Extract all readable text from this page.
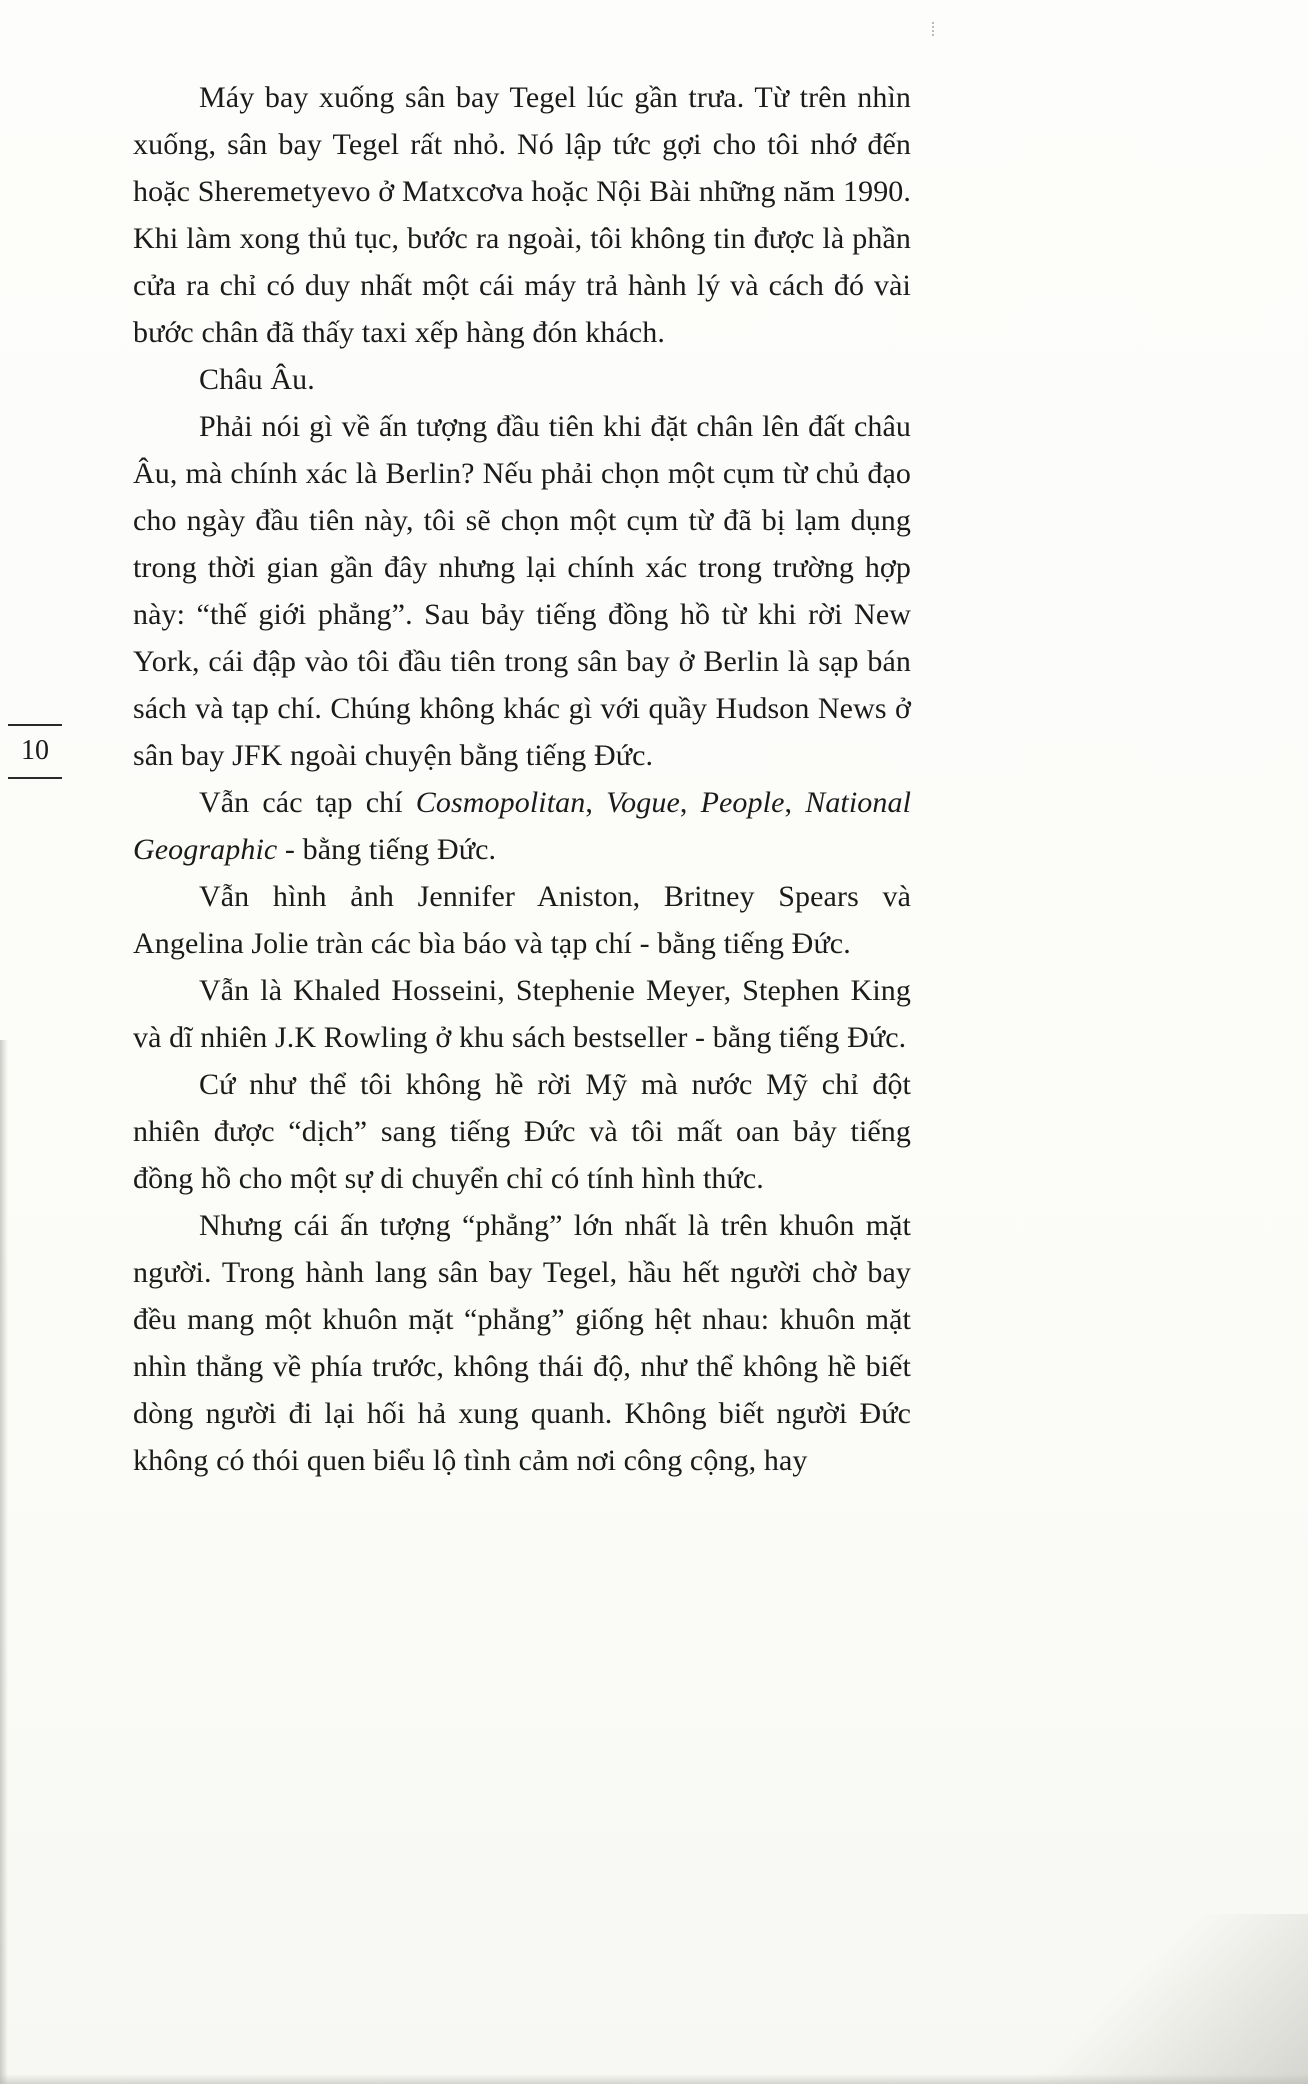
10

Máy bay xuống sân bay Tegel lúc gần trưa. Từ trên nhìn xuống, sân bay Tegel rất nhỏ. Nó lập tức gợi cho tôi nhớ đến hoặc Sheremetyevo ở Matxcơva hoặc Nội Bài những năm 1990. Khi làm xong thủ tục, bước ra ngoài, tôi không tin được là phần cửa ra chỉ có duy nhất một cái máy trả hành lý và cách đó vài bước chân đã thấy taxi xếp hàng đón khách.

Châu Âu.

Phải nói gì về ấn tượng đầu tiên khi đặt chân lên đất châu Âu, mà chính xác là Berlin? Nếu phải chọn một cụm từ chủ đạo cho ngày đầu tiên này, tôi sẽ chọn một cụm từ đã bị lạm dụng trong thời gian gần đây nhưng lại chính xác trong trường hợp này: “thế giới phẳng”. Sau bảy tiếng đồng hồ từ khi rời New York, cái đập vào tôi đầu tiên trong sân bay ở Berlin là sạp bán sách và tạp chí. Chúng không khác gì với quầy Hudson News ở sân bay JFK ngoài chuyện bằng tiếng Đức.

Vẫn các tạp chí Cosmopolitan, Vogue, People, National Geographic - bằng tiếng Đức.

Vẫn hình ảnh Jennifer Aniston, Britney Spears và Angelina Jolie tràn các bìa báo và tạp chí - bằng tiếng Đức.

Vẫn là Khaled Hosseini, Stephenie Meyer, Stephen King và dĩ nhiên J.K Rowling ở khu sách bestseller - bằng tiếng Đức.

Cứ như thể tôi không hề rời Mỹ mà nước Mỹ chỉ đột nhiên được “dịch” sang tiếng Đức và tôi mất oan bảy tiếng đồng hồ cho một sự di chuyển chỉ có tính hình thức.

Nhưng cái ấn tượng “phẳng” lớn nhất là trên khuôn mặt người. Trong hành lang sân bay Tegel, hầu hết người chờ bay đều mang một khuôn mặt “phẳng” giống hệt nhau: khuôn mặt nhìn thẳng về phía trước, không thái độ, như thể không hề biết dòng người đi lại hối hả xung quanh. Không biết người Đức không có thói quen biểu lộ tình cảm nơi công cộng, hay
